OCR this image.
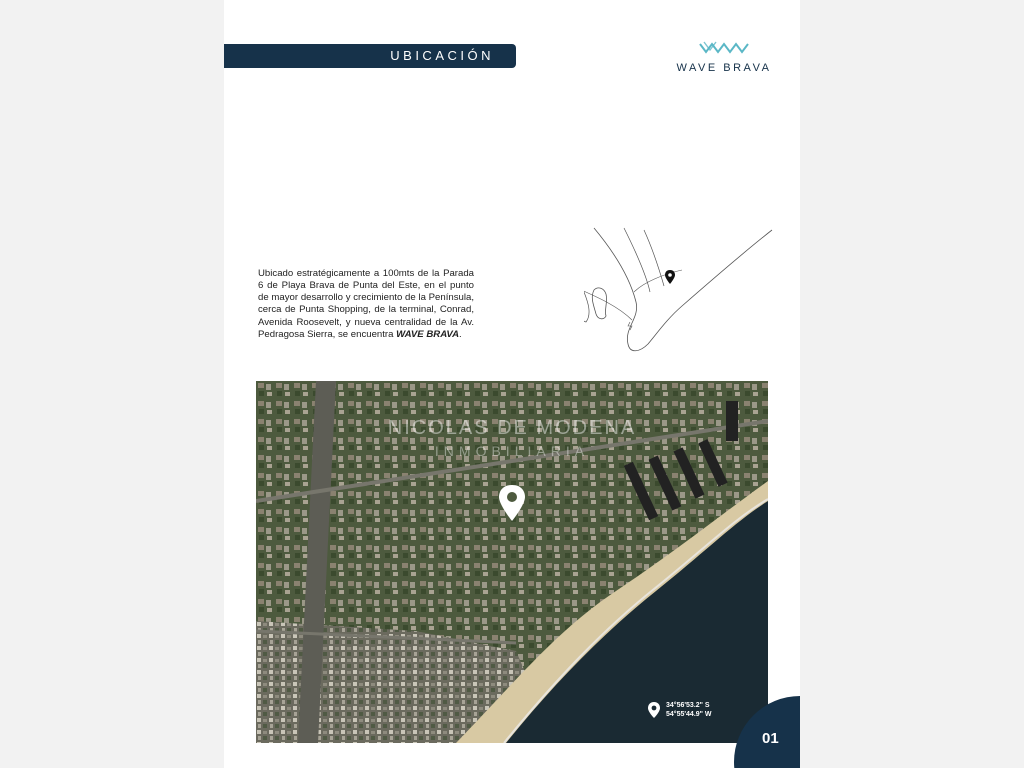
UBICACIÓN
WAVE BRAVA

Ubicado estratégicamente a 100mts de la Parada 6 de Playa Brava de Punta del Este, en el punto de mayor desarrollo y crecimiento de la Península, cerca de Punta Shopping, de la terminal, Conrad, Avenida Roosevelt, y nueva centralidad de la Av. Pedragosa Sierra, se encuentra WAVE BRAVA.

NICOLAS DE MODENA
INMOBILIARIA
34°56'53.2" S
54°55'44.9" W
01
